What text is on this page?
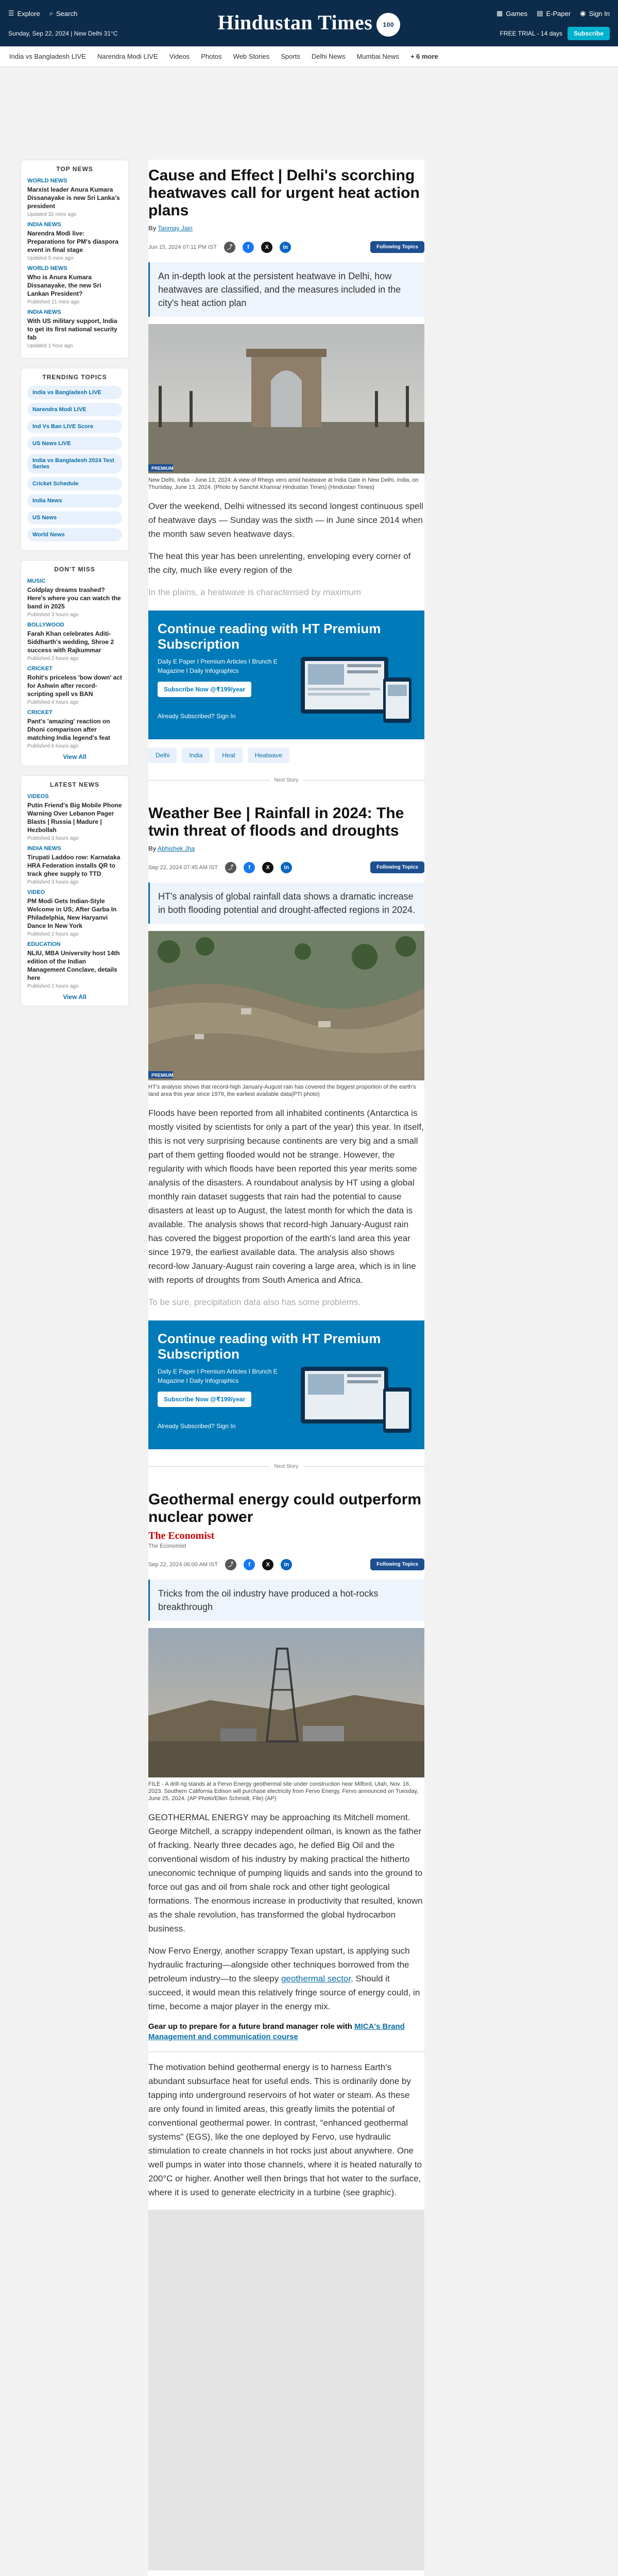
☰ Explore ⌕ Search
Sunday, Sep 22, 2024 | New Delhi 31°C	Hindustan Times 100
▦ Games ▤ E-Paper ◉ Sign In
FREE TRIAL - 14 days	Subscribe
India vs Bangladesh LIVE Narendra Modi LIVE Videos Photos Web Stories Sports Delhi News Mumbai News + 6 more
TOP NEWS
WORLD NEWS
Marxist leader Anura Kumara Dissanayake is new Sri Lanka's president
Updated 32 mins ago
INDIA NEWS
Narendra Modi live: Preparations for PM's diaspora event in final stage
Updated 5 mins ago
WORLD NEWS
Who is Anura Kumara Dissanayake, the new Sri Lankan President?
Published 21 mins ago
INDIA NEWS
With US military support, India to get its first national security fab
Updated 1 hour ago
TRENDING TOPICS
India vs Bangladesh LIVE
Narendra Modi LIVE
Ind Vs Ban LIVE Score
US News LIVE
India vs Bangladesh 2024 Test Series
Cricket Schedule
India News
US News
World News
DON'T MISS
MUSIC
Coldplay dreams trashed? Here's where you can watch the band in 2025
Published 3 hours ago
BOLLYWOOD
Farah Khan celebrates Aditi-Siddharth's wedding, Shroe 2 success with Rajkummar
Published 2 hours ago
CRICKET
Rohit's priceless 'bow down' act for Ashwin after record-scripting spell vs BAN
Published 4 hours ago
CRICKET
Pant's 'amazing' reaction on Dhoni comparison after matching India legend's feat
Published 6 hours ago
View All
LATEST NEWS
VIDEOS
Putin Friend's Big Mobile Phone Warning Over Lebanon Pager Blasts | Russia | Madure | Hezbollah
Published 3 hours ago
INDIA NEWS
Tirupati Laddoo row: Karnataka HRA Federation installs QR to track ghee supply to TTD
Published 3 hours ago
VIDEO
PM Modi Gets Indian-Style Welcome in US; After Garba In Philadelphia, New Haryanvi Dance In New York
Published 2 hours ago
EDUCATION
NLIU, MBA University host 14th edition of the Indian Management Conclave, details here
Published 2 hours ago
View All
Cause and Effect | Delhi's scorching heatwaves call for urgent heat action plans
By Tanmay Jain
Jun 15, 2024 07:11 PM IST	⤴	f	X	in	Following Topics
An in-depth look at the persistent heatwave in Delhi, how heatwaves are classified, and the measures included in the city's heat action plan
PREMIUM
New Delhi, India - June 13, 2024: A view of Rhegs vero amid heatwave at India Gate in New Delhi, India, on Thursday, June 13, 2024. (Photo by Sanchit Khanna/ Hindustan Times) (Hindustan Times)

Over the weekend, Delhi witnessed its second longest continuous spell of heatwave days — Sunday was the sixth — in June since 2014 when the month saw seven heatwave days.

The heat this year has been unrelenting, enveloping every corner of the city, much like every region of the

In the plains, a heatwave is characterised by maximum

Continue reading with HT Premium Subscription

Daily E Paper I Premium Articles I Brunch E Magazine I Daily Infographics

Subscribe Now @₹199/year
Already Subscribed? Sign In
Delhi	India	Heat	Heatwave
Next Story
Weather Bee | Rainfall in 2024: The twin threat of floods and droughts
By Abhishek Jha
Sep 22, 2024 07:45 AM IST	⤴	f	X	in	Following Topics
HT's analysis of global rainfall data shows a dramatic increase in both flooding potential and drought-affected regions in 2024.
PREMIUM
HT's analysis shows that record-high January-August rain has covered the biggest proportion of the earth's land area this year since 1979, the earliest available data(PTI photo)

Floods have been reported from all inhabited continents (Antarctica is mostly visited by scientists for only a part of the year) this year. In itself, this is not very surprising because continents are very big and a small part of them getting flooded would not be strange. However, the regularity with which floods have been reported this year merits some analysis of the disasters. A roundabout analysis by HT using a global monthly rain dataset suggests that rain had the potential to cause disasters at least up to August, the latest month for which the data is available. The analysis shows that record-high January-August rain has covered the biggest proportion of the earth's land area this year since 1979, the earliest available data. The analysis also shows record-low January-August rain covering a large area, which is in line with reports of droughts from South America and Africa.

To be sure, precipitation data also has some problems.

Continue reading with HT Premium Subscription

Daily E Paper I Premium Articles I Brunch E Magazine I Daily Infographics

Subscribe Now @₹199/year
Already Subscribed? Sign In
Next Story
Geothermal energy could outperform nuclear power
The Economist
The Economist
Sep 22, 2024 06:00 AM IST	⤴	f	X	in	Following Topics
Tricks from the oil industry have produced a hot-rocks breakthrough
FILE - A drill rig stands at a Fervo Energy geothermal site under construction near Milford, Utah, Nov. 16, 2023. Southern California Edison will purchase electricity from Fervo Energy, Fervo announced on Tuesday, June 25, 2024. (AP Photo/Ellen Schmidt, File) (AP)

GEOTHERMAL ENERGY may be approaching its Mitchell moment. George Mitchell, a scrappy independent oilman, is known as the father of fracking. Nearly three decades ago, he defied Big Oil and the conventional wisdom of his industry by making practical the hitherto uneconomic technique of pumping liquids and sands into the ground to force out gas and oil from shale rock and other tight geological formations. The enormous increase in productivity that resulted, known as the shale revolution, has transformed the global hydrocarbon business.

Now Fervo Energy, another scrappy Texan upstart, is applying such hydraulic fracturing—alongside other techniques borrowed from the petroleum industry—to the sleepy geothermal sector. Should it succeed, it would mean this relatively fringe source of energy could, in time, become a major player in the energy mix.

Gear up to prepare for a future brand manager role with MICA's Brand Management and communication course

The motivation behind geothermal energy is to harness Earth's abundant subsurface heat for useful ends. This is ordinarily done by tapping into underground reservoirs of hot water or steam. As these are only found in limited areas, this greatly limits the potential of conventional geothermal power. In contrast, "enhanced geothermal systems" (EGS), like the one deployed by Fervo, use hydraulic stimulation to create channels in hot rocks just about anywhere. One well pumps in water into those channels, where it is heated naturally to 200°C or higher. Another well then brings that hot water to the surface, where it is used to generate electricity in a turbine (see graphic).
